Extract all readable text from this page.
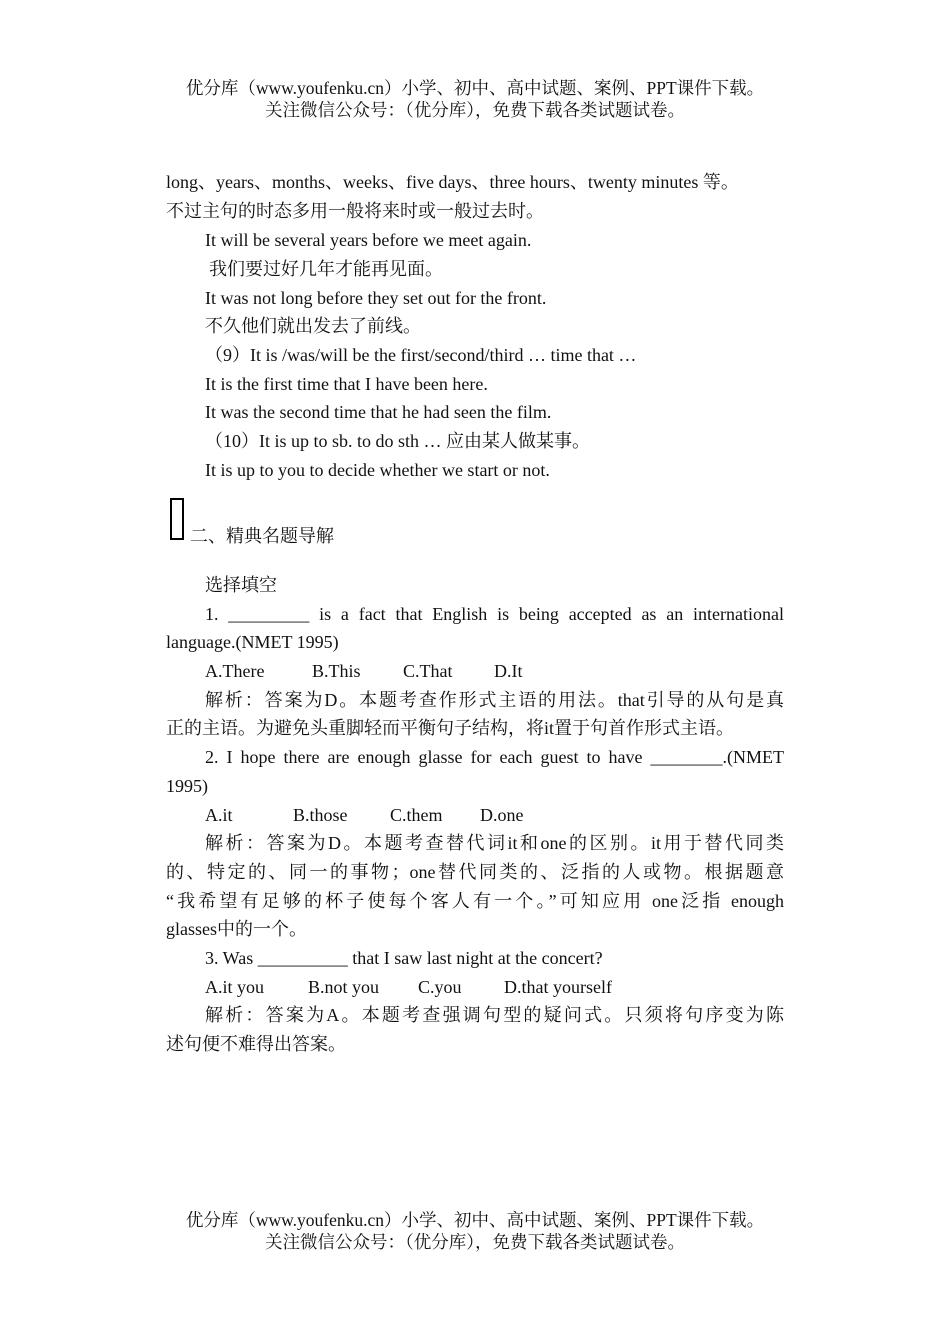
优分库（www.youfenku.cn）小学、初中、高中试题、案例、PPT课件下载。
关注微信公众号：（优分库），免费下载各类试题试卷。
long、years、months、weeks、five days、three hours、twenty minutes 等。
不过主句的时态多用一般将来时或一般过去时。
It will be several years before we meet again.
我们要过好几年才能再见面。
It was not long before they set out for the front.
不久他们就出发去了前线。
（9）It is /was/will be the first/second/third … time that …
It is the first time that I have been here.
It was the second time that he had seen the film.
（10）It is up to sb. to do sth … 应由某人做某事。
It is up to you to decide whether we start or not.
二、精典名题导解
选择填空
1. _________ is a fact that English is being accepted as an international
language.(NMET 1995)
A.There	B.This C.That D.It
解析：答案为D。本题考查作形式主语的用法。that引导的从句是真
正的主语。为避免头重脚轻而平衡句子结构，将it置于句首作形式主语。
2. I hope there are enough glasse for each guest to have ________.(NMET
1995)
A.it	B.those C.them D.one
解析：答案为D。本题考查替代词it和one的区别。it用于替代同类
的、特定的、同一的事物；one替代同类的、泛指的人或物。根据题意
“我希望有足够的杯子使每个客人有一个。”可知应用 one泛指 enough
glasses中的一个。
3. Was __________ that I saw last night at the concert?
A.it you B.not you C.you D.that yourself
解析：答案为A。本题考查强调句型的疑问式。只须将句序变为陈
述句便不难得出答案。
优分库（www.youfenku.cn）小学、初中、高中试题、案例、PPT课件下载。
关注微信公众号：（优分库），免费下载各类试题试卷。
